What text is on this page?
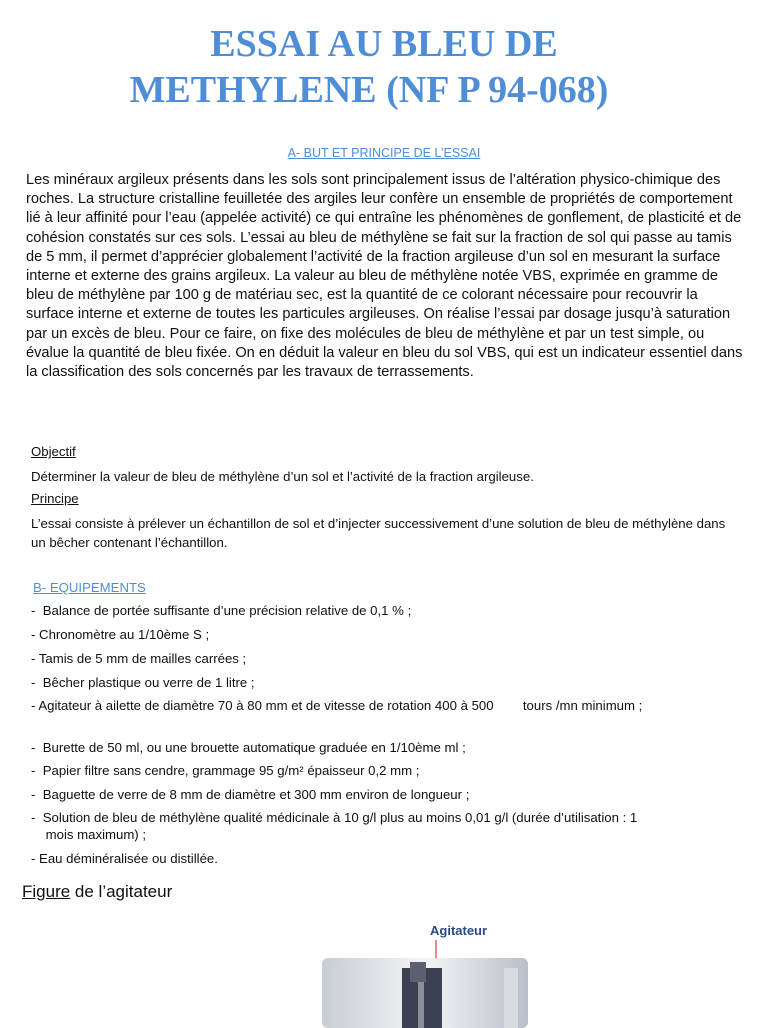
ESSAI AU BLEU DE
METHYLENE (NF P 94-068)
A- BUT ET PRINCIPE DE L’ESSAI

Les minéraux argileux présents dans les sols sont principalement issus de l’altération physico-chimique des roches. La structure cristalline feuilletée des argiles leur confère un ensemble de propriétés de comportement lié à leur affinité pour l’eau (appelée activité) ce qui entraîne les phénomènes de gonflement, de plasticité et de cohésion constatés sur ces sols. L’essai au bleu de méthylène se fait sur la fraction de sol qui passe au tamis de 5 mm, il permet d’apprécier globalement l’activité de la fraction argileuse d’un sol en mesurant la surface interne et externe des grains argileux. La valeur au bleu de méthylène notée VBS, exprimée en gramme de bleu de méthylène par 100 g de matériau sec, est la quantité de ce colorant nécessaire pour recouvrir la surface interne et externe de toutes les particules argileuses. On réalise l’essai par dosage jusqu’à saturation par un excès de bleu. Pour ce faire, on fixe des molécules de bleu de méthylène et par un test simple, ou évalue la quantité de bleu fixée. On en déduit la valeur en bleu du sol VBS, qui est un indicateur essentiel dans la classification des sols concernés par les travaux de terrassements.

Objectif
Déterminer la valeur de bleu de méthylène d’un sol et l’activité de la fraction argileuse.
Principe
L’essai consiste à prélever un échantillon de sol et d’injecter successivement d’une solution de bleu de méthylène dans un bêcher contenant l’échantillon.
B- EQUIPEMENTS
-  Balance de portée suffisante d’une précision relative de 0,1 % ;
- Chronomètre au 1/10ème S ;
- Tamis de 5 mm de mailles carrées ;
-  Bêcher plastique ou verre de 1 litre ;
- Agitateur à ailette de diamètre 70 à 80 mm et de vitesse de rotation 400 à 500        tours /mn minimum ;
-  Burette de 50 ml, ou une brouette automatique graduée en 1/10ème ml ;
-  Papier filtre sans cendre, grammage 95 g/m² épaisseur 0,2 mm ;
-  Baguette de verre de 8 mm de diamètre et 300 mm environ de longueur ;
-  Solution de bleu de méthylène qualité médicinale à 10 g/l plus au moins 0,01 g/l (durée d’utilisation : 1
mois maximum) ;
- Eau déminéralisée ou distillée.
Figure de l’agitateur
Agitateur
